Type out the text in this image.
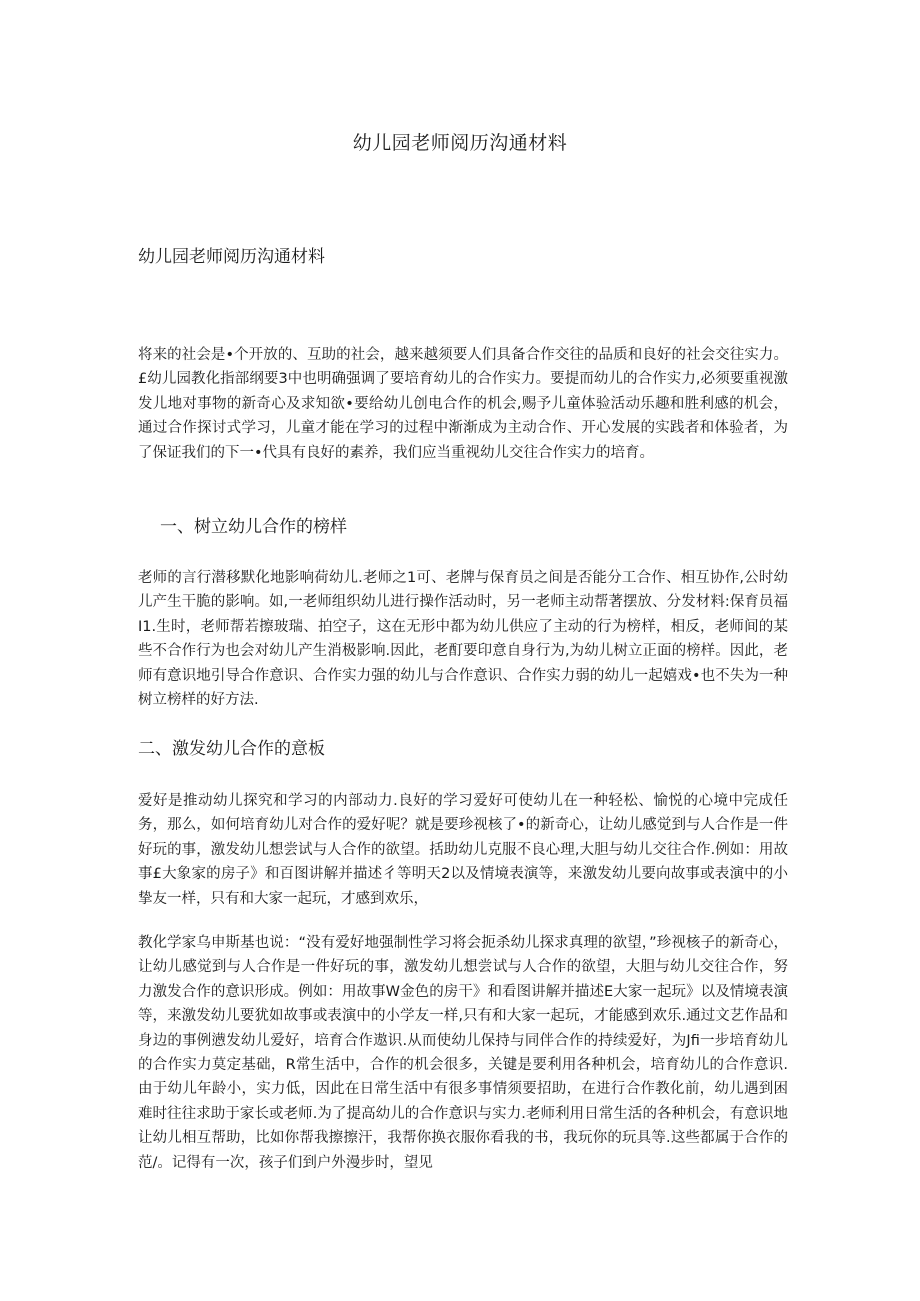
幼儿园老师阅历沟通材料
幼儿园老师阅历沟通材料

将来的社会是•个开放的、互助的社会，越来越须要人们具备合作交往的品质和良好的社会交往实力。£幼儿园教化指部纲要3中也明确强调了要培育幼儿的合作实力。要提而幼儿的合作实力,必须要重视激发儿地对事物的新奇心及求知欲•要给幼儿创电合作的机会,赐予儿童体验活动乐趣和胜利感的机会，通过合作探讨式学习，儿童才能在学习的过程中渐渐成为主动合作、开心发展的实践者和体验者，为了保证我们的下一•代具有良好的素养，我们应当重视幼儿交往合作实力的培育。

一、树立幼儿合作的榜样

老师的言行潜移默化地影响荷幼儿.老师之1可、老牌与保育员之间是否能分工合作、相互协作,公时幼儿产生干脆的影响。如,一老师组织幼儿进行操作活动时，另一老师主动帮著摆放、分发材料:保育员福I1.生时，老师帮若擦玻瑞、拍空子，这在无形中都为幼儿供应了主动的行为榜样，相反，老师间的某些不合作行为也会对幼儿产生消极影响.因此，老酊要印意自身行为,为幼儿树立正面的榜样。因此，老师有意识地引导合作意识、合作实力强的幼儿与合作意识、合作实力弱的幼儿一起嬉戏•也不失为一种树立榜样的好方法.

二、激发幼儿合作的意板

爱好是推动幼儿探究和学习的内部动力.良好的学习爱好可使幼儿在一种轻松、愉悦的心境中完成任务，那么，如何培育幼儿对合作的爱好呢？就是要珍视核了•的新奇心，让幼儿感觉到与人合作是一件好玩的事，激发幼儿想尝试与人合作的欲望。括助幼儿克服不良心理,大胆与幼儿交往合作.例如：用故事£大象家的房子》和百图讲解并描述彳等明天2以及情境表演等，来激发幼儿要向故事或表演中的小挚友一样，只有和大家一起玩，才感到欢乐，

教化学家乌申斯基也说：“没有爱好地强制性学习将会扼杀幼儿探求真理的欲望，”珍视核子的新奇心，让幼儿感觉到与人合作是一件好玩的事，激发幼儿想尝试与人合作的欲望，大胆与幼儿交往合作，努力激发合作的意识形成。例如：用故事W金色的房干》和看图讲解并描述E大家一起玩》以及情境表演等，来激发幼儿要犹如故事或表演中的小学友一样,只有和大家一起玩，才能感到欢乐.通过文艺作品和身边的事例懑发幼儿爱好，培育合作遨识.从而使幼儿保持与同伴合作的持续爱好，为Jfi一步培育幼儿的合作实力莫定基础，R常生活中，合作的机会很多，关键是要利用各种机会，培育幼儿的合作意识.由于幼儿年龄小，实力低，因此在日常生活中有很多事情须要招助，在进行合作教化前，幼儿遇到困难时往往求助于家长或老师.为了提高幼儿的合作意识与实力.老师利用日常生活的各种机会，有意识地让幼儿相互帮助，比如你帮我擦擦汗，我帮你换衣服你看我的书，我玩你的玩具等.这些都属于合作的范/。记得有一次，孩子们到户外漫步时，望见
